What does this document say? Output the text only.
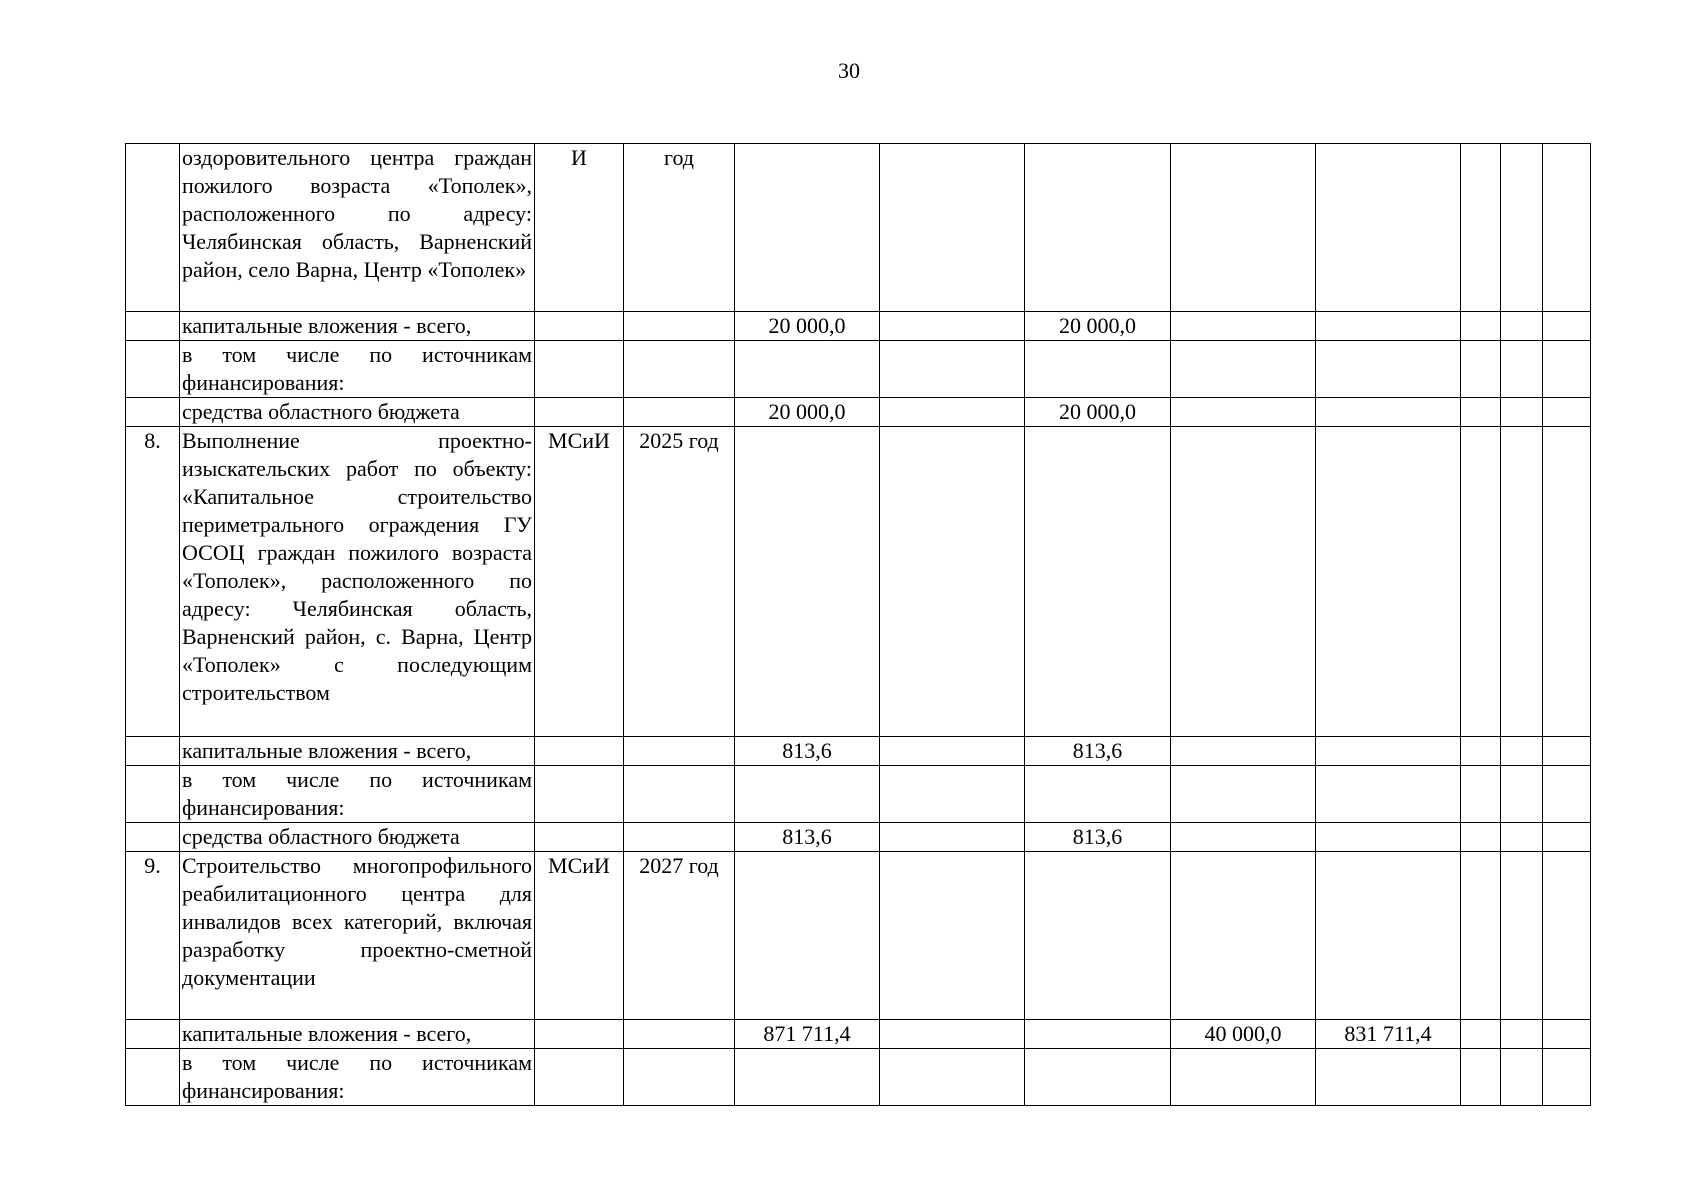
30
	оздоровительного центра граждан пожилого возраста «Тополек», расположенного по адресу: Челябинская область, Варненский район, село Варна, Центр «Тополек»	И	год								
	капитальные вложения - всего,			20 000,0		20 000,0					
	в том числе по источникам финансирования:										
	средства областного бюджета			20 000,0		20 000,0					
8.	Выполнение проектно-изыскательских работ по объекту: «Капитальное строительство периметрального ограждения ГУ ОСОЦ граждан пожилого возраста «Тополек», расположенного по адресу: Челябинская область, Варненский район, с. Варна, Центр «Тополек» с последующим строительством	МСиИ	2025 год								
	капитальные вложения - всего,			813,6		813,6					
	в том числе по источникам финансирования:										
	средства областного бюджета			813,6		813,6					
9.	Строительство многопрофильного реабилитационного центра для инвалидов всех категорий, включая разработку проектно-сметной документации	МСиИ	2027 год								
	капитальные вложения - всего,			871 711,4			40 000,0	831 711,4			
	в том числе по источникам финансирования:										
